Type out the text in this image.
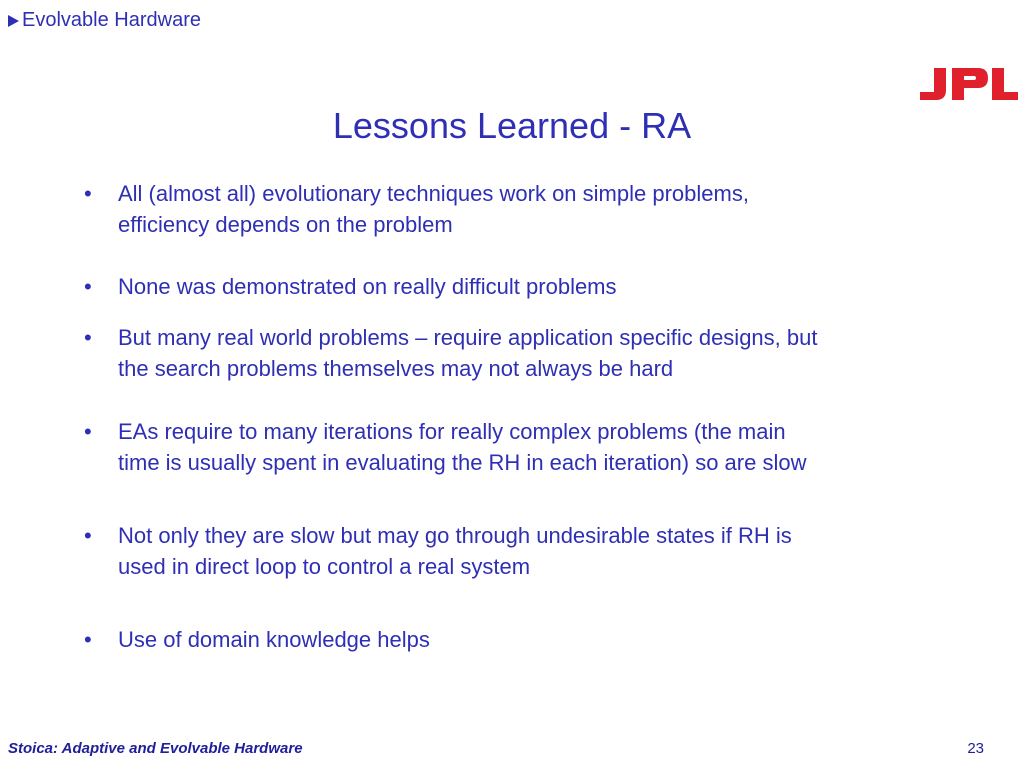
Evolvable Hardware
Lessons Learned - RA
•	All (almost all) evolutionary techniques work on simple problems,
efficiency depends on the problem
•	None was demonstrated on really difficult problems
•	But many real world problems – require application specific designs, but
the search problems themselves may not always be hard
•	EAs require to many iterations for really complex problems (the main
time is usually spent in evaluating the RH in each iteration) so are slow
•	Not only they are slow but may go through undesirable states if RH is
used in direct loop to control a real system
•	Use of domain knowledge helps
Stoica: Adaptive and Evolvable Hardware	23
